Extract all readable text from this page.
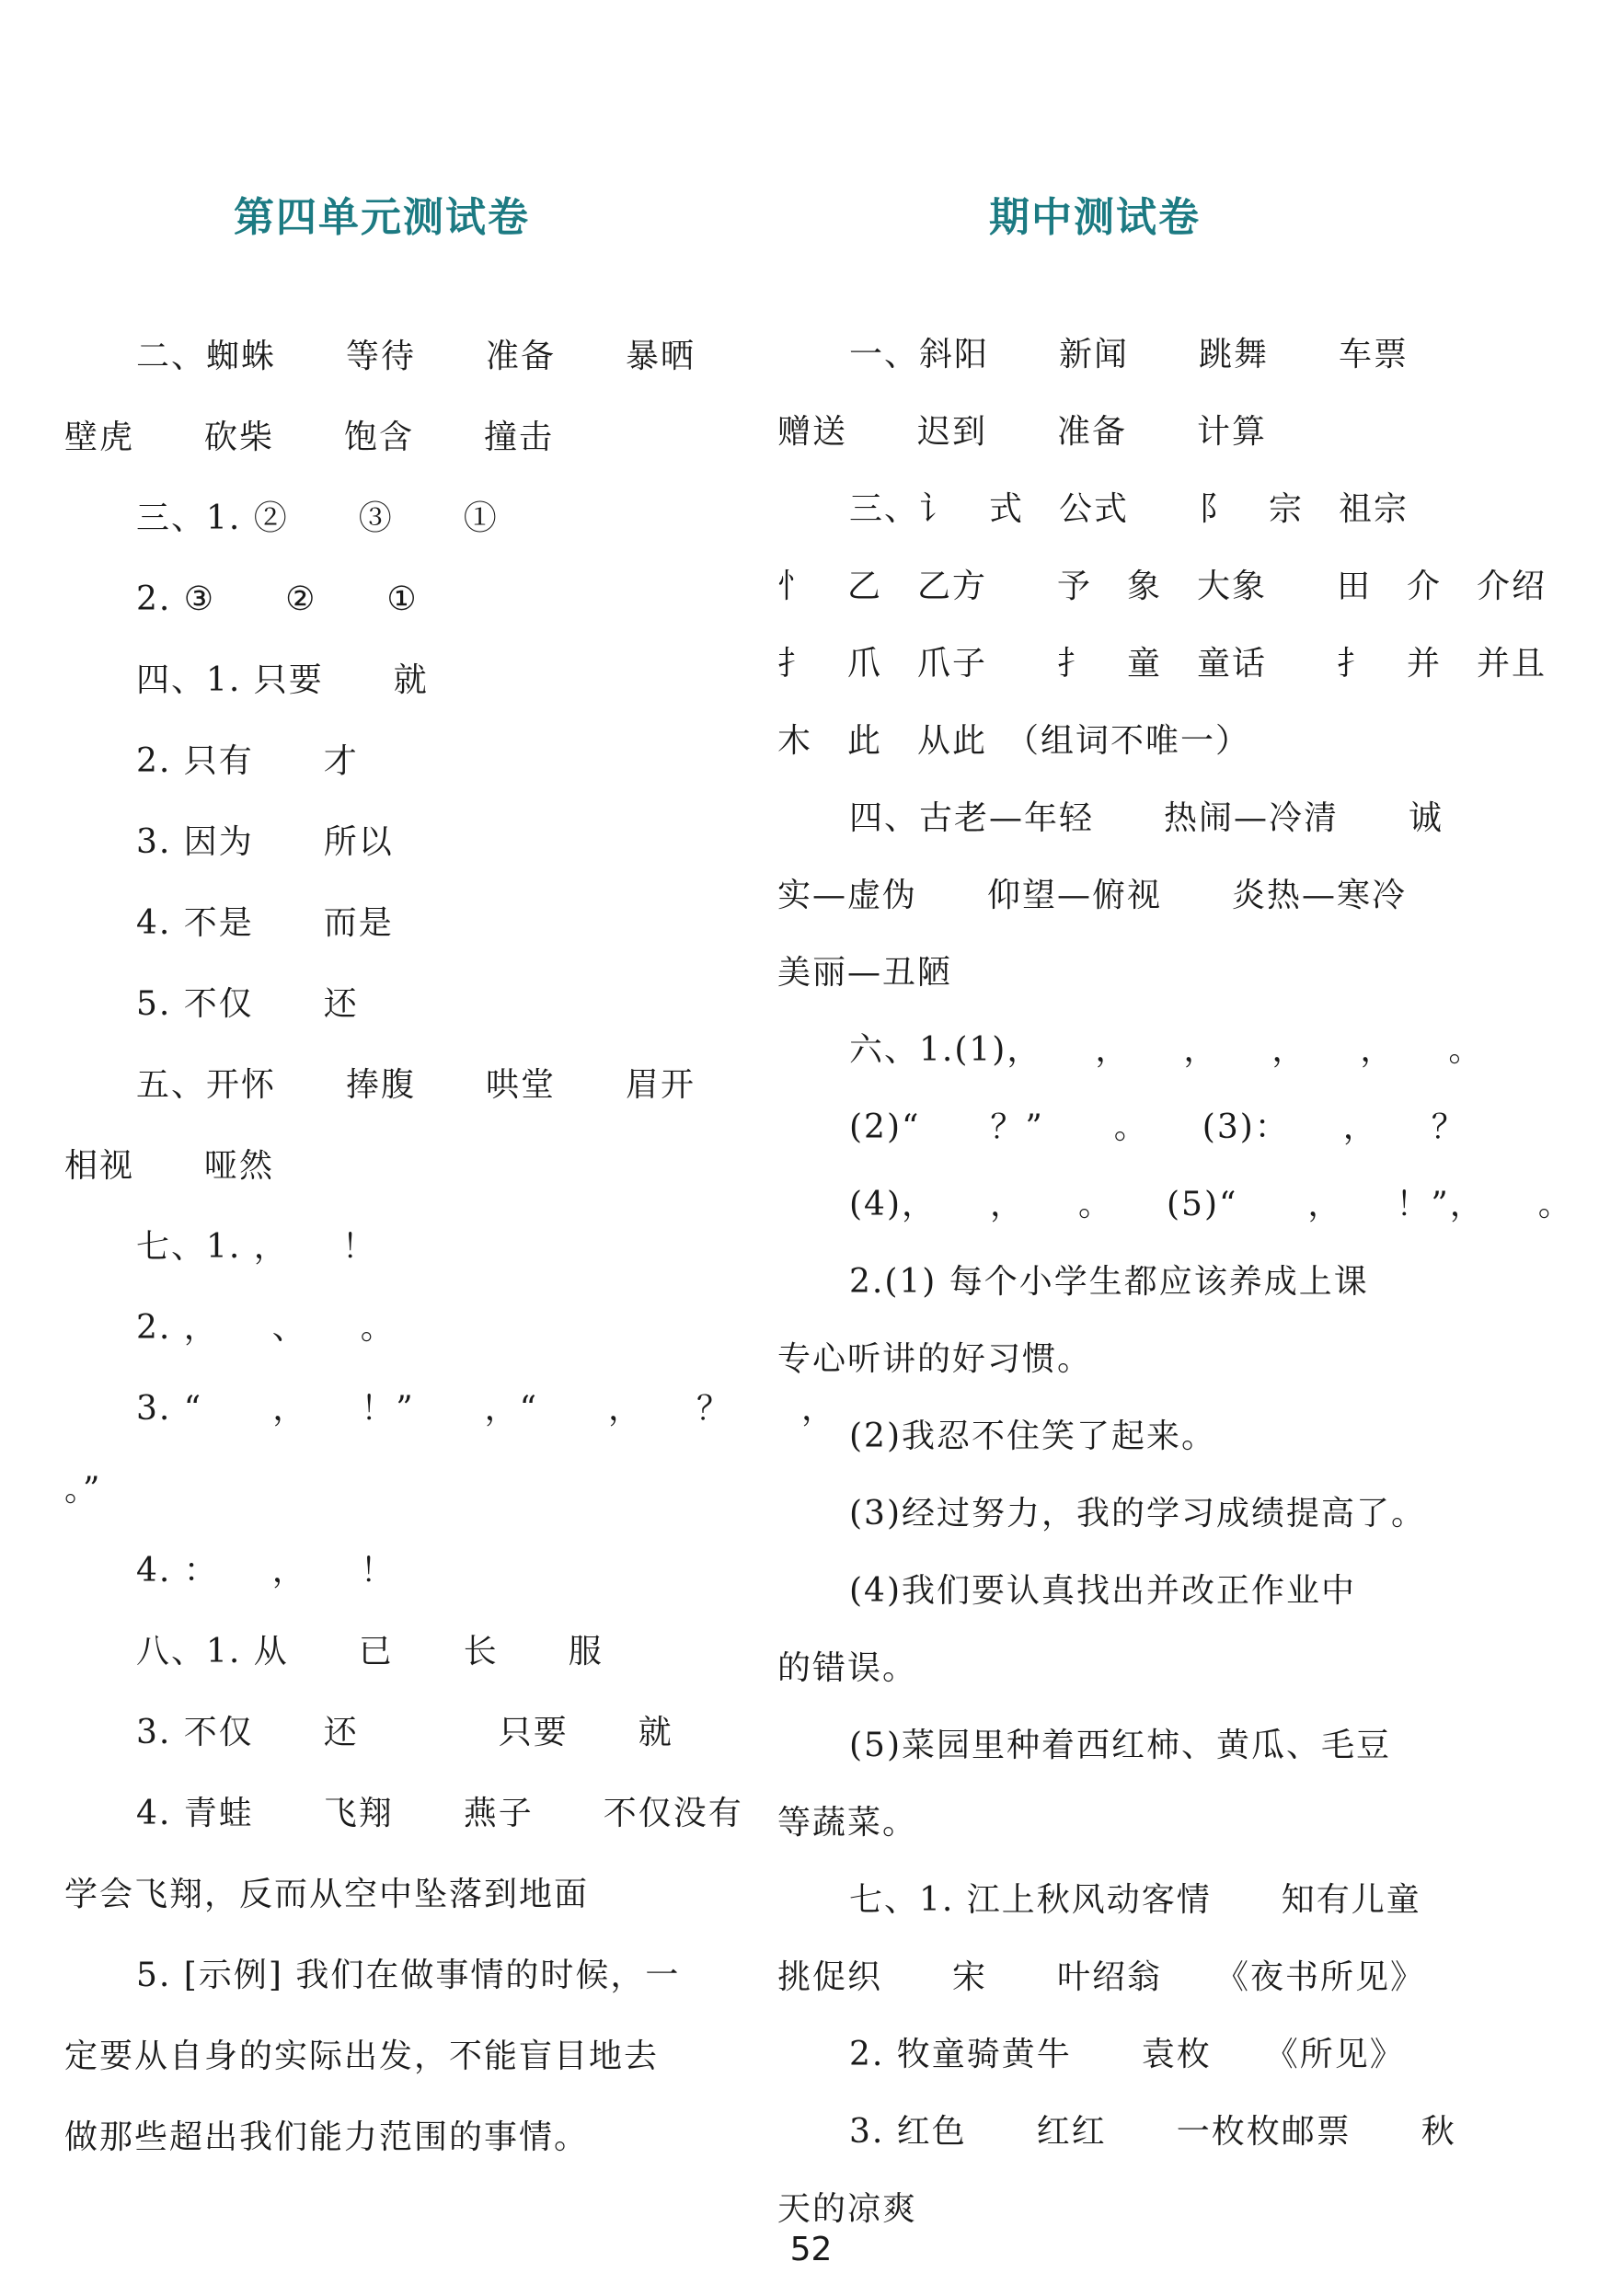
第四单元测试卷
二、蜘蛛　　等待　　准备　　暴晒
壁虎　　砍柴　　饱含　　撞击
三、1. ②　　③　　①
2. ③　　②　　①
四、1. 只要　　就
2. 只有　　才
3. 因为　　所以
4. 不是　　而是
5. 不仅　　还
五、开怀　　捧腹　　哄堂　　眉开
相视　　哑然
七、1. ，　　！
2. ，　　、　　。
3. “　　，　　！”　　，“　　，　　？　　，
。”
4. ：　　，　　！
八、1. 从　　已　　长　　服
3. 不仅　　还　　　　只要　　就
4. 青蛙　　飞翔　　燕子　　不仅没有
学会飞翔，反而从空中坠落到地面
5. [示例] 我们在做事情的时候，一
定要从自身的实际出发，不能盲目地去
做那些超出我们能力范围的事情。
期中测试卷
一、斜阳　　新闻　　跳舞　　车票
赠送　　迟到　　准备　　计算
三、讠　式　公式　　阝　宗　祖宗
忄　乙　乙方　　予　象　大象　　田　介　介绍
扌　爪　爪子　　扌　童　童话　　扌　并　并且
木　此　从此　（组词不唯一）
四、古老—年轻　　热闹—冷清　　诚
实—虚伪　　仰望—俯视　　炎热—寒冷
美丽—丑陋
六、1.(1)，　　，　　，　　，　　，　　。
(2)“　　？”　　。　　(3)：　　，　　？
(4)，　　，　　。　　(5)“　　，　　！”，　　。
2.(1) 每个小学生都应该养成上课
专心听讲的好习惯。
(2)我忍不住笑了起来。
(3)经过努力，我的学习成绩提高了。
(4)我们要认真找出并改正作业中
的错误。
(5)菜园里种着西红柿、黄瓜、毛豆
等蔬菜。
七、1. 江上秋风动客情　　知有儿童
挑促织　　宋　　叶绍翁　　《夜书所见》
2. 牧童骑黄牛　　袁枚　　《所见》
3. 红色　　红红　　一枚枚邮票　　秋
天的凉爽
52
